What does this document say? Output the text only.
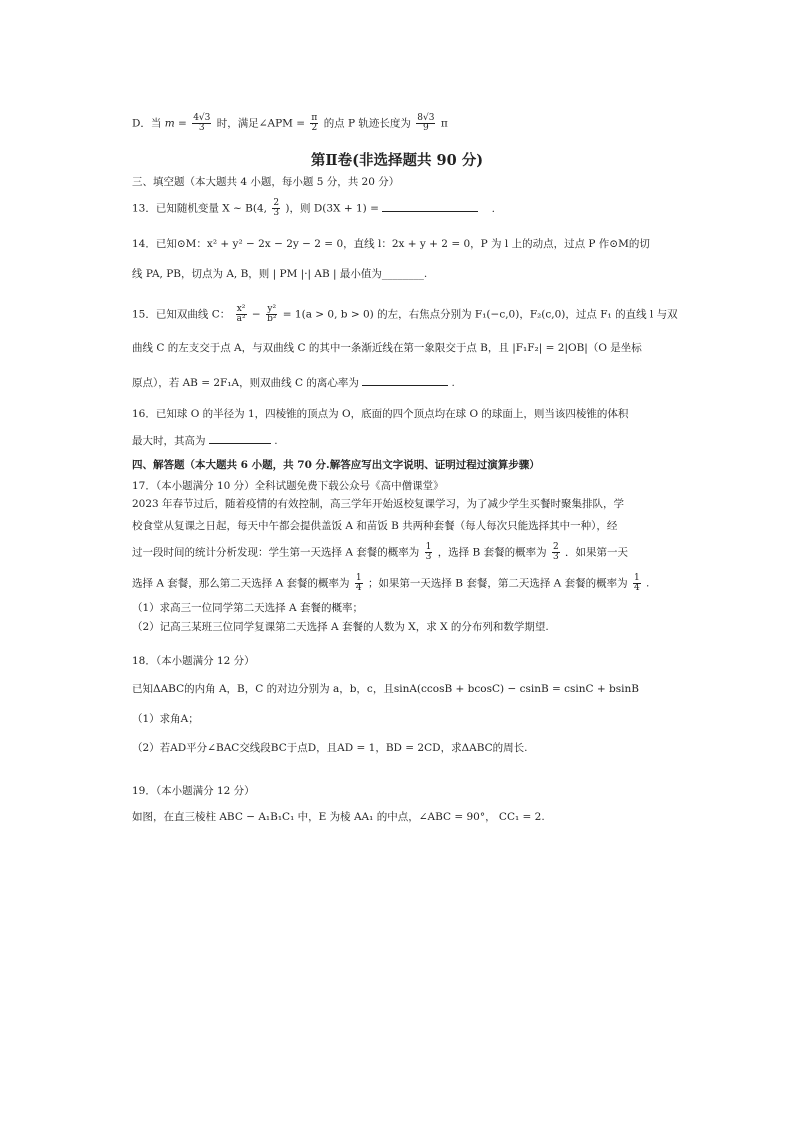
D．当 $m = \frac{4√3}{3}$ 时，满足∠APM = $\frac{\pi}{2}$ 的点 P 轨迹长度为 $\frac{8√3}{9}$ π
第Ⅱ卷(非选择题共 90 分)
三、填空题（本大题共 4 小题，每小题 5 分，共 20 分）
13．已知随机变量 X ~ B(4, $\frac{2}{3}$ )，则 D(3X + 1) =	.
14．已知⊙M：x² + y² − 2x − 2y − 2 = 0，直线 l：2x + y + 2 = 0，P 为 l 上的动点，过点 P 作⊙M的切
线 PA, PB，切点为 A, B，则 | PM |·| AB | 最小值为________.
15．已知双曲线 C： $\frac{\text{x²}}{\text{a²}} - \frac{\text{y²}}{\text{b²}} = 1(a > 0$, b > 0) 的左，右焦点分别为 F₁(−c,0)，F₂(c,0)，过点 F₁ 的直线 l 与双
曲线 C 的左支交于点 A，与双曲线 C 的其中一条渐近线在第一象限交于点 B，且 |F₁F₂| = 2|OB|（O 是坐标
原点），若 AB = 2F₁A，则双曲线 C 的离心率为	.
16．已知球 O 的半径为 1，四棱锥的顶点为 O，底面的四个顶点均在球 O 的球面上，则当该四棱锥的体积
最大时，其高为	.
四、解答题（本大题共 6 小题，共 70 分.解答应写出文字说明、证明过程过演算步骤）
17．（本小题满分 10 分）全科试题免费下载公众号《高中僧课堂》
2023 年春节过后，随着疫情的有效控制，高三学年开始返校复课学习，为了减少学生买餐时聚集排队，学
校食堂从复课之日起，每天中午都会提供盖饭 A 和苗饭 B 共两种套餐（每人每次只能选择其中一种），经
过一段时间的统计分析发现：学生第一天选择 A 套餐的概率为 $\frac{1}{3}$ ，选择 B 套餐的概率为 $\frac{2}{3}$ ．如果第一天
选择 A 套餐，那么第二天选择 A 套餐的概率为 $\frac{1}{4}$ ；如果第一天选择 B 套餐，第二天选择 A 套餐的概率为 $\frac{1}{4}$ .
（1）求高三一位同学第二天选择 A 套餐的概率；
（2）记高三某班三位同学复课第二天选择 A 套餐的人数为 X，求 X 的分布列和数学期望.
18．（本小题满分 12 分）
已知ΔABC的内角 A，B，C 的对边分别为 a，b，c，且sinA(ccosB + bcosC) − csinB = csinC + bsinB
（1）求角A；
（2）若AD平分∠BAC交线段BC于点D，且AD = 1，BD = 2CD，求ΔABC的周长.
19．（本小题满分 12 分）
如图，在直三棱柱 ABC − A₁B₁C₁ 中，E 为棱 AA₁ 的中点，∠ABC = 90°， CC₁ = 2.
